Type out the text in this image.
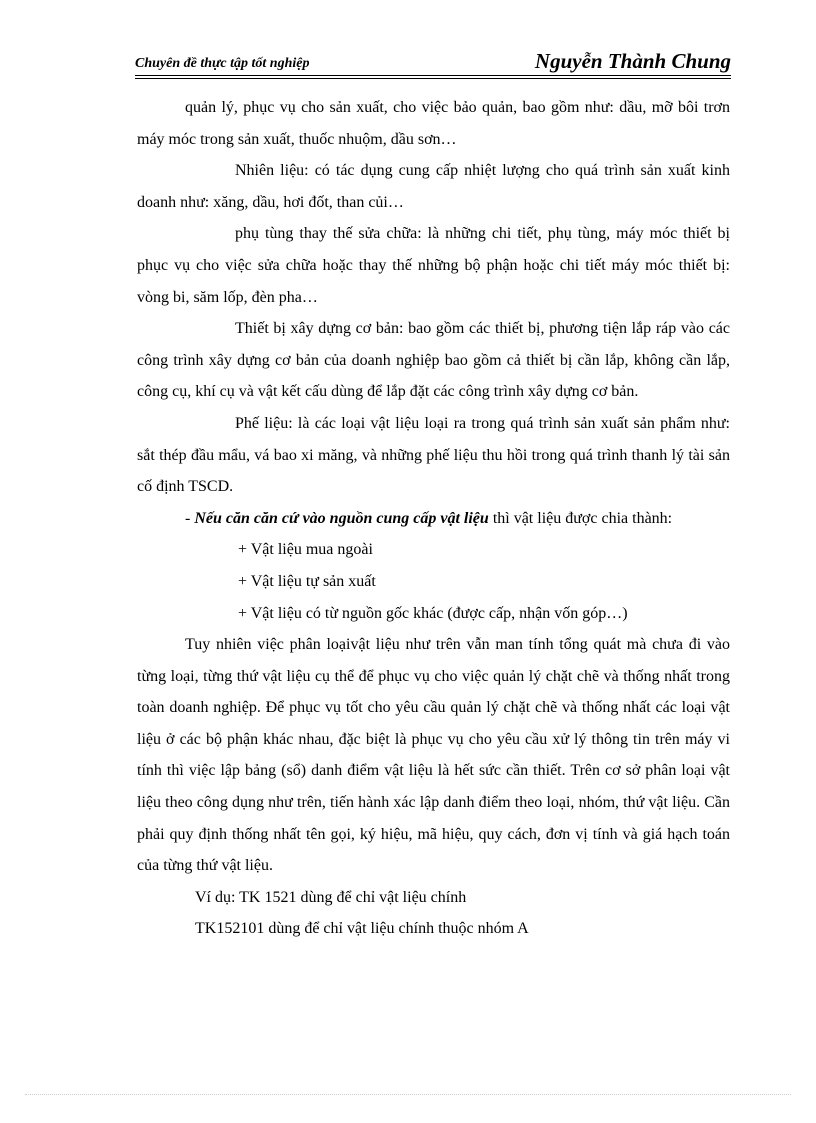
Chuyên đề thực tập tốt nghiệp	Nguyễn Thành Chung

quản lý, phục vụ cho sản xuất, cho việc bảo quản, bao gồm như: dầu, mỡ bôi trơn máy móc trong sản xuất, thuốc nhuộm, dầu sơn…

Nhiên liệu: có tác dụng cung cấp nhiệt lượng cho quá trình sản xuất kinh doanh như: xăng, dầu, hơi đốt, than củi…

phụ tùng thay thế sửa chữa: là những chi tiết, phụ tùng, máy móc thiết bị phục vụ cho việc sửa chữa hoặc thay thế những bộ phận hoặc chi tiết máy móc thiết bị: vòng bi, săm lốp, đèn pha…

Thiết bị xây dựng cơ bản: bao gồm các thiết bị, phương tiện lắp ráp vào các công trình xây dựng cơ bản của doanh nghiệp bao gồm cả thiết bị cần lắp, không cần lắp, công cụ, khí cụ và vật kết cấu dùng để lắp đặt các công trình xây dựng cơ bản.

Phế liệu: là các loại vật liệu loại ra trong quá trình sản xuất sản phẩm như: sắt thép đầu mẩu, vá bao xi măng, và những phế liệu thu hồi trong quá trình thanh lý tài sản cố định TSCD.

- Nếu căn căn cứ vào nguồn cung cấp vật liệu thì vật liệu được chia thành:

+ Vật liệu mua ngoài

+ Vật liệu tự sản xuất

+ Vật liệu có từ nguồn gốc khác (được cấp, nhận vốn góp…)

Tuy nhiên việc phân loạivật liệu như trên vẫn man tính tổng quát mà chưa đi vào từng loại, từng thứ vật liệu cụ thể để phục vụ cho việc quản lý chặt chẽ và thống nhất trong toàn doanh nghiệp. Để phục vụ tốt cho yêu cầu quản lý chặt chẽ và thống nhất các loại vật liệu ở các bộ phận khác nhau, đặc biệt là phục vụ cho yêu cầu xử lý thông tin trên máy vi tính thì việc lập bảng (sổ) danh điểm vật liệu là hết sức cần thiết. Trên cơ sở phân loại vật liệu theo công dụng như trên, tiến hành xác lập danh điểm theo loại, nhóm, thứ vật liệu. Cần phải quy định thống nhất tên gọi, ký hiệu, mã hiệu, quy cách, đơn vị tính và giá hạch toán của từng thứ vật liệu.

Ví dụ: TK 1521 dùng để chỉ vật liệu chính

TK152101 dùng để chỉ vật liệu chính thuộc nhóm A
